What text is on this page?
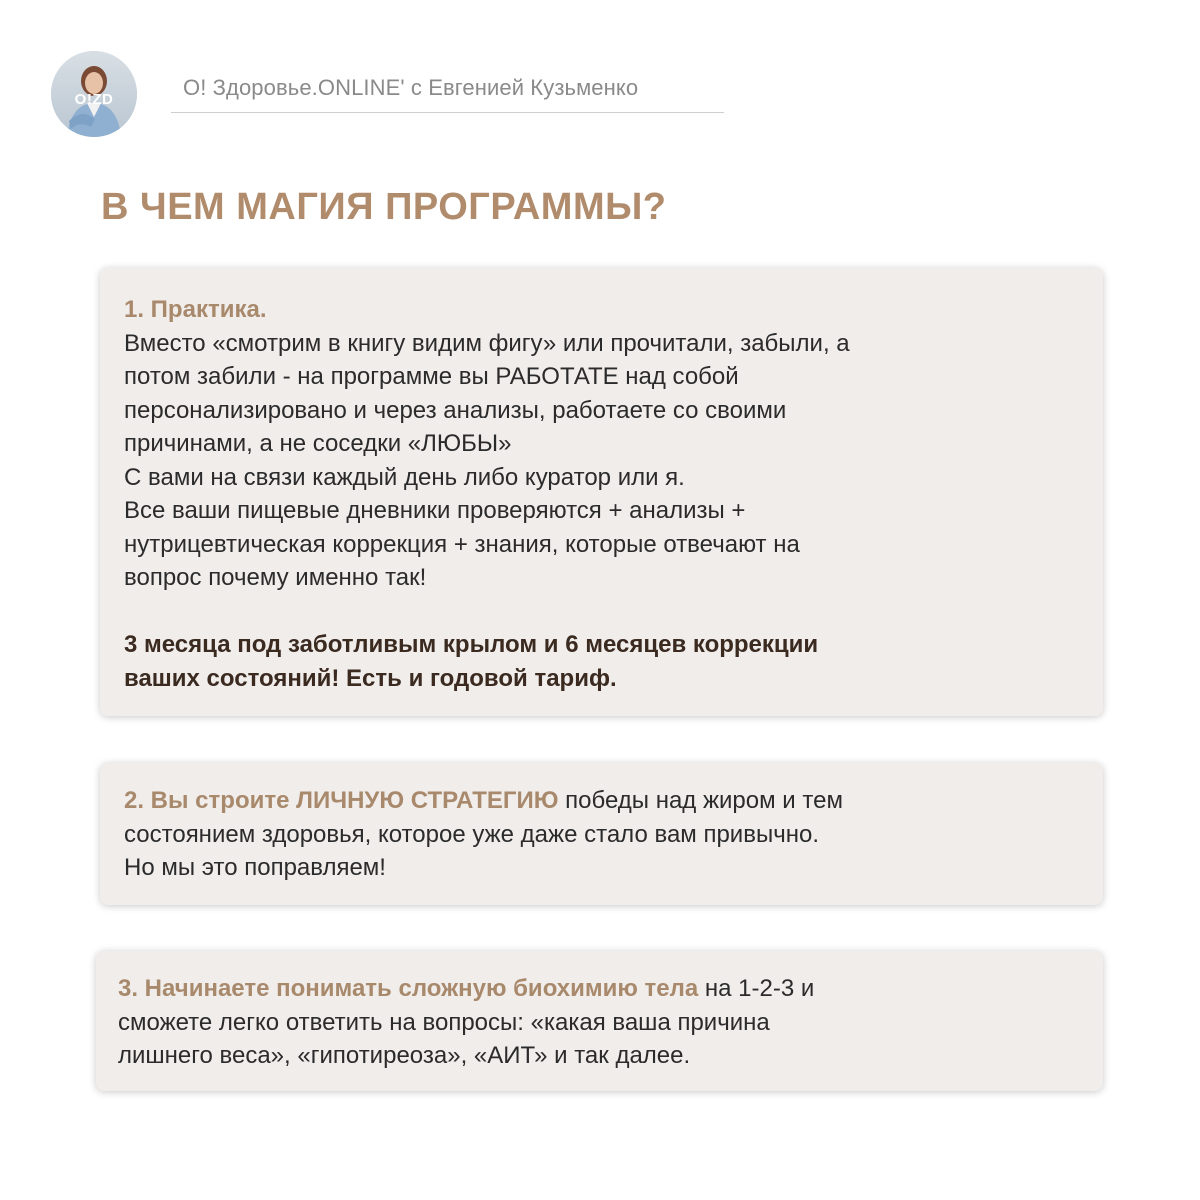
O!ZD	O! Здоровье.ONLINE' с Евгенией Кузьменко
В ЧЕМ МАГИЯ ПРОГРАММЫ?
1. Практика.
Вместо «смотрим в книгу видим фигу» или прочитали, забыли, а
потом забили - на программе вы РАБОТАТЕ над собой
персонализировано и через анализы, работаете со своими
причинами, а не соседки «ЛЮБЫ»
С вами на связи каждый день либо куратор или я.
Все ваши пищевые дневники проверяются + анализы +
нутрицевтическая коррекция + знания, которые отвечают на
вопрос почему именно так!
3 месяца под заботливым крылом и 6 месяцев коррекции
ваших состояний! Есть и годовой тариф.
2. Вы строите ЛИЧНУЮ СТРАТЕГИЮ победы над жиром и тем
состоянием здоровья, которое уже даже стало вам привычно.
Но мы это поправляем!
3. Начинаете понимать сложную биохимию тела на 1-2-3 и
сможете легко ответить на вопросы: «какая ваша причина
лишнего веса», «гипотиреоза», «АИТ» и так далее.
